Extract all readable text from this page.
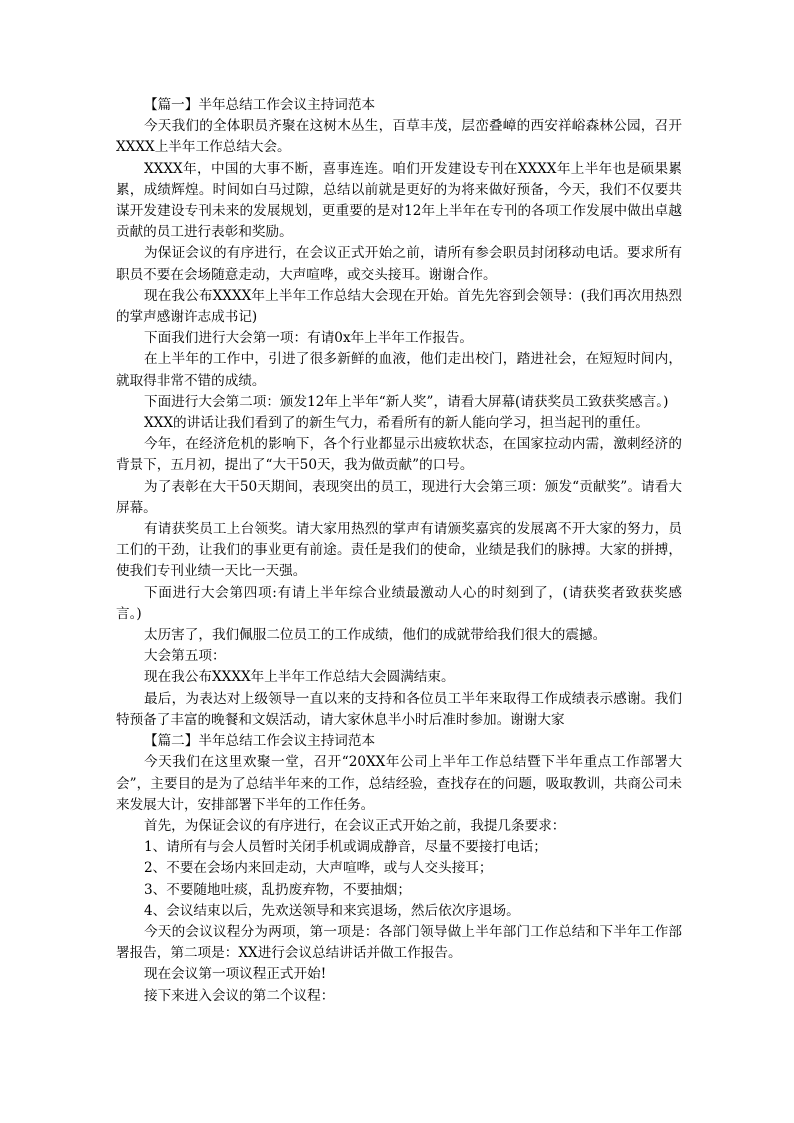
【篇一】半年总结工作会议主持词范本

今天我们的全体职员齐聚在这树木丛生，百草丰茂，层峦叠嶂的西安祥峪森林公园，召开XXXX上半年工作总结大会。

XXXX年，中国的大事不断，喜事连连。咱们开发建设专刊在XXXX年上半年也是硕果累累，成绩辉煌。时间如白马过隙，总结以前就是更好的为将来做好预备，今天，我们不仅要共谋开发建设专刊未来的发展规划，更重要的是对12年上半年在专刊的各项工作发展中做出卓越贡献的员工进行表彰和奖励。

为保证会议的有序进行，在会议正式开始之前，请所有参会职员封闭移动电话。要求所有职员不要在会场随意走动，大声喧哗，或交头接耳。谢谢合作。

现在我公布XXXX年上半年工作总结大会现在开始。首先先容到会领导：(我们再次用热烈的掌声感谢许志成书记)

下面我们进行大会第一项：有请0x年上半年工作报告。

在上半年的工作中，引进了很多新鲜的血液，他们走出校门，踏进社会，在短短时间内，就取得非常不错的成绩。

下面进行大会第二项：颁发12年上半年“新人奖”，请看大屏幕(请获奖员工致获奖感言。)

XXX的讲话让我们看到了的新生气力，希看所有的新人能向学习，担当起刊的重任。

今年，在经济危机的影响下，各个行业都显示出疲软状态，在国家拉动内需，激刺经济的背景下，五月初，提出了“大干50天，我为做贡献”的口号。

为了表彰在大干50天期间，表现突出的员工，现进行大会第三项：颁发“贡献奖”。请看大屏幕。

有请获奖员工上台领奖。请大家用热烈的掌声有请颁奖嘉宾的发展离不开大家的努力，员工们的干劲，让我们的事业更有前途。责任是我们的使命，业绩是我们的脉搏。大家的拼搏，使我们专刊业绩一天比一天强。

下面进行大会第四项:有请上半年综合业绩最激动人心的时刻到了，(请获奖者致获奖感言。)

太历害了，我们佩服二位员工的工作成绩，他们的成就带给我们很大的震撼。

大会第五项：

现在我公布XXXX年上半年工作总结大会圆满结束。

最后，为表达对上级领导一直以来的支持和各位员工半年来取得工作成绩表示感谢。我们特预备了丰富的晚餐和文娱活动，请大家休息半小时后准时参加。谢谢大家

【篇二】半年总结工作会议主持词范本

今天我们在这里欢聚一堂，召开“20XX年公司上半年工作总结暨下半年重点工作部署大会”，主要目的是为了总结半年来的工作，总结经验，查找存在的问题，吸取教训，共商公司未来发展大计，安排部署下半年的工作任务。

首先，为保证会议的有序进行，在会议正式开始之前，我提几条要求：

1、请所有与会人员暂时关闭手机或调成静音，尽量不要接打电话；

2、不要在会场内来回走动，大声喧哗，或与人交头接耳；

3、不要随地吐痰，乱扔废弃物，不要抽烟；

4、会议结束以后，先欢送领导和来宾退场，然后依次序退场。

今天的会议议程分为两项，第一项是：各部门领导做上半年部门工作总结和下半年工作部署报告，第二项是：XX进行会议总结讲话并做工作报告。

现在会议第一项议程正式开始!

接下来进入会议的第二个议程：
